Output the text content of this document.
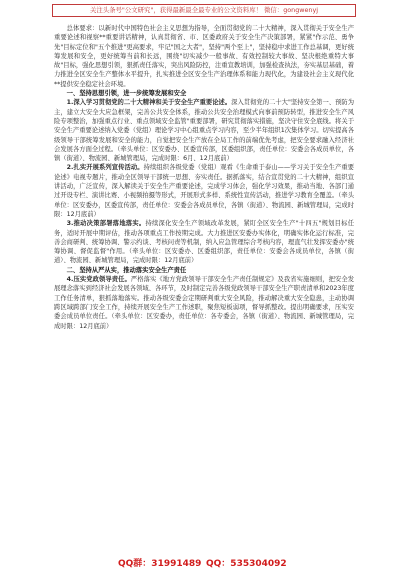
关注头条号"公文研究"，获得最新最全最专业的公文资料库！ 微信：gongwenyj

总体要求：以新时代中国特色社会主义思想为指导，全面贯彻党的二十大精神，深入贯彻关于安全生产重要论述和视察**重要讲话精神，认真贯彻省、市、区委政府关于安全生产决策部署，紧紧"作示范、勇争先"目标定位和"五个推进"更高要求，牢记"国之大者"，坚持"两个至上"，坚持稳中求进工作总基调，更好统筹发展和安全，更好统筹当前和长远，围绕"切实减少一般事故、有效控制较大事故、坚决根绝重特大事故"目标，强化思想引领，狠抓责任落实，突出风险防控，注重宣教培训，加强检查执法，夯实基层基础，着力推进全区安全生产整体水平提升，扎实推进全区安全生产治理体系和能力现代化，为建设社会主义现代化**提供安全稳定社会环境。

一、坚持思想引领，进一步统筹发展和安全

1.深入学习贯彻党的二十大精神和关于安全生产重要论述。深入贯彻党的二十大"坚持安全第一、预防为主，建立大安全大应急框架，完善公共安全体系，推动公共安全治理模式向事前预防转型，推进安全生产风险专项整治，加强重点行业、重点领域安全监管"重要部署，研究贯彻落实措施，坚决守住安全底线。将关于安全生产重要论述纳入党委（党组）理论学习中心组重点学习内容，至少半年组织1次集体学习。切实提高各级领导干部统筹发展和安全的能力，自觉把安全生产放在全局工作的前端优先考虑，把安全要求融入经济社会发展各方面全过程。（牵头单位：区安委办、区委宣传部，区委组织部，责任单位：安委会各成员单位，各镇（街道）、物流园、新城管理局，完成时限：6月、12月底前）

2.扎实开展系列宣传活动。持续组织各级党委（党组）观看《生命重于泰山——学习关于安全生产重要论述》电视专题片，推动全区领导干部统一思想、夯实责任。据抓落实，结合宣贯党的二十大精神，组织宣讲活动，广泛宣传，深入解读关于安全生产重要论述，完成学习体会，强化学习效果，推动当地、各部门通过开设专栏、演讲比赛、小视频拍摄等形式，开展形式多样、系统性宣传活动，推进学习教育全覆盖。（牵头单位：区安委办，区委宣传部，责任单位：安委会各成员单位，各镇（街道）、物流园、新城管理局，完成时限：12月底前）

3.推动决策部署落地落实。持续深化安全生产领域改革发展，紧盯全区安全生产"十四五"规划目标任务，适时开展中期评估，推动各项重点工作按期完成。大力推进区安委办实体化，明确实体化运行标准，完善会商研判、统筹协调、警示约谈、考核问责等机制，纳入应急管理综合考核内容，理直气壮发挥安委办"统筹协调、督促监督"作用。（牵头单位：区安委办、区委组织部，责任单位：安委会各成员单位，各镇（街道）、物流园、新城管理局，完成时限：12月底前）

二、坚持从严从实，推动落实安全生产责任

4.压实党政领导责任。严格落实《地方党政领导干部安全生产责任制规定》及我省实施细则，把安全发展理念落实到经济社会发展各领域、各环节，及时制定完善各级党政领导干部安全生产职责清单和2023年度工作任务清单，狠抓落地落实。推动各级安委会定期研判重大安全风险，推动解决重大安全隐患，主动协调跨区域跨部门安全工作，持续开展安全生产工作述职，聚焦短板弱项，督导抓整改。提出明确要求，压实安委会成员单位责任。（牵头单位：区安委办，责任单位：各专委会，各镇（街道）、物流园、新城管理局，完成时限：12月底前）

QQ群：31991489 QQ：535304092
